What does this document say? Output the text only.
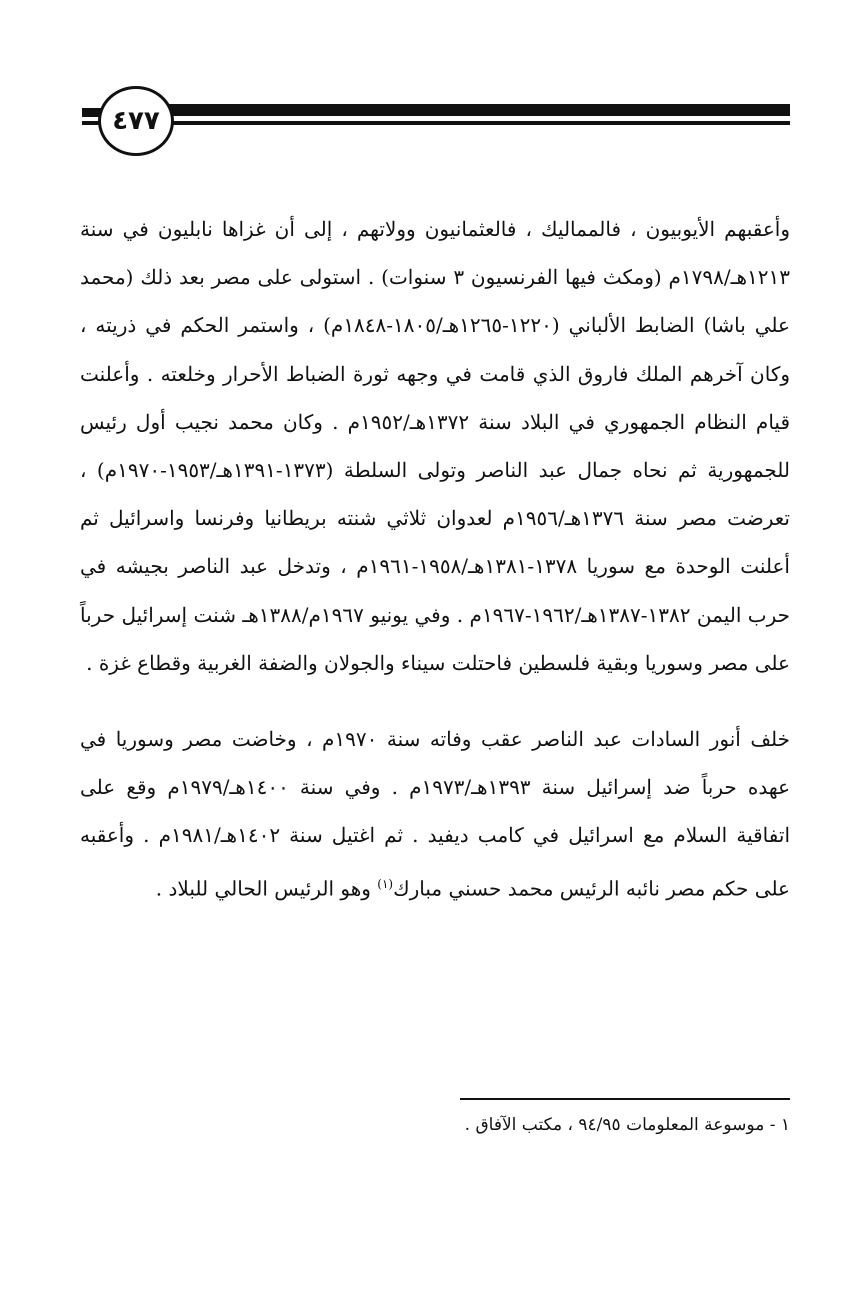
٤٧٧

وأعقبهم الأيوبيون ، فالمماليك ، فالعثمانيون وولاتهم ، إلى أن غزاها نابليون في سنة ١٢١٣هـ/١٧٩٨م (ومكث فيها الفرنسيون ٣ سنوات) . استولى على مصر بعد ذلك (محمد علي باشا) الضابط الألباني (١٢٢٠-١٢٦٥هـ/١٨٠٥-١٨٤٨م) ، واستمر الحكم في ذريته ، وكان آخرهم الملك فاروق الذي قامت في وجهه ثورة الضباط الأحرار وخلعته . وأعلنت قيام النظام الجمهوري في البلاد سنة ١٣٧٢هـ/١٩٥٢م . وكان محمد نجيب أول رئيس للجمهورية ثم نحاه جمال عبد الناصر وتولى السلطة (١٣٧٣-١٣٩١هـ/١٩٥٣-١٩٧٠م) ، تعرضت مصر سنة ١٣٧٦هـ/١٩٥٦م لعدوان ثلاثي شنته بريطانيا وفرنسا واسرائيل ثم أعلنت الوحدة مع سوريا ١٣٧٨-١٣٨١هـ/١٩٥٨-١٩٦١م ، وتدخل عبد الناصر بجيشه في حرب اليمن ١٣٨٢-١٣٨٧هـ/١٩٦٢-١٩٦٧م . وفي يونيو ١٩٦٧م/١٣٨٨هـ شنت إسرائيل حرباً على مصر وسوريا وبقية فلسطين فاحتلت سيناء والجولان والضفة الغربية وقطاع غزة .

خلف أنور السادات عبد الناصر عقب وفاته سنة ١٩٧٠م ، وخاضت مصر وسوريا في عهده حرباً ضد إسرائيل سنة ١٣٩٣هـ/١٩٧٣م . وفي سنة ١٤٠٠هـ/١٩٧٩م وقع على اتفاقية السلام مع اسرائيل في كامب ديفيد . ثم اغتيل سنة ١٤٠٢هـ/١٩٨١م . وأعقبه على حكم مصر نائبه الرئيس محمد حسني مبارك$^{(١)}$ وهو الرئيس الحالي للبلاد .

١ - موسوعة المعلومات ٩٤/٩٥ ، مكتب الآفاق .
